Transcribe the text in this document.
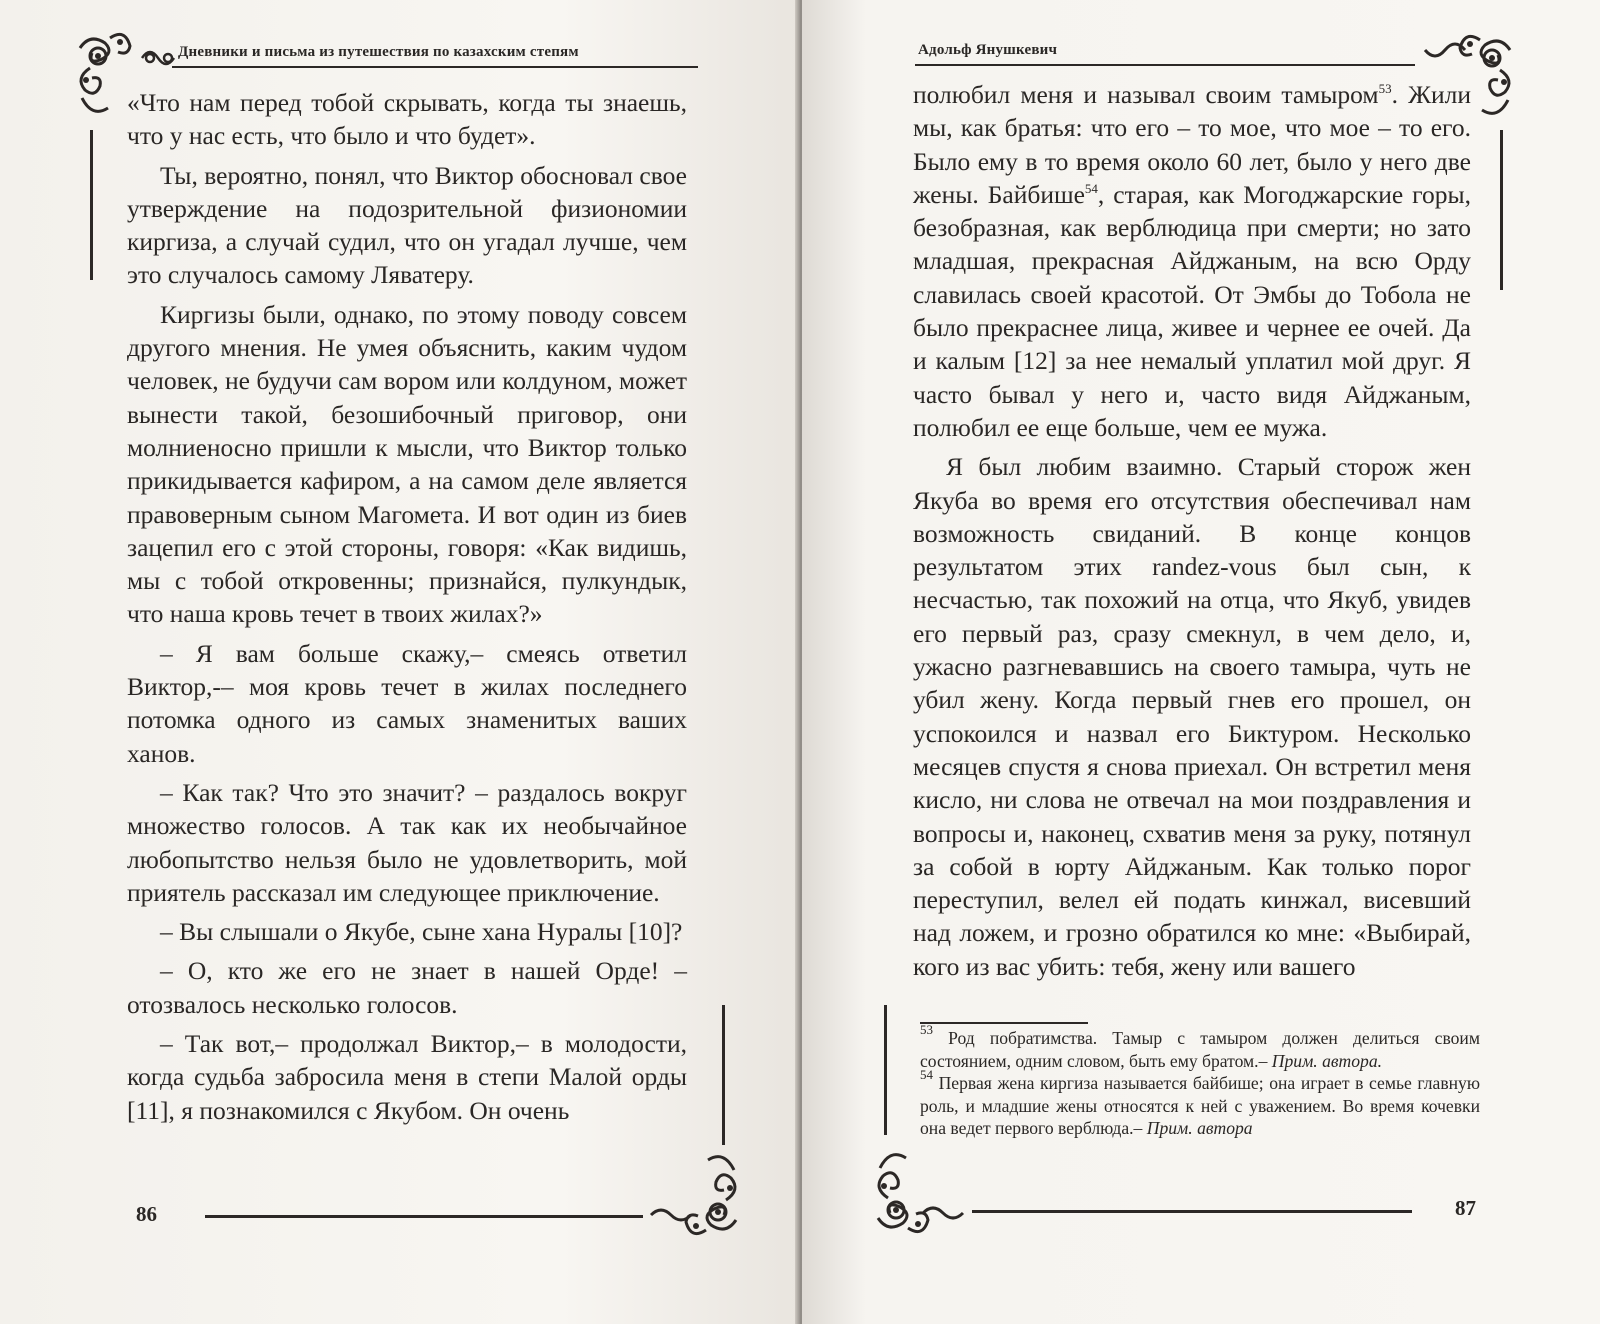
Дневники и письма из путешествия по казахским степям

«Что нам перед тобой скрывать, когда ты знаешь, что у нас есть, что было и что будет».

Ты, вероятно, понял, что Виктор обосновал свое утверждение на подозрительной физиономии киргиза, а случай судил, что он угадал лучше, чем это случалось самому Ляватеру.

Киргизы были, однако, по этому поводу совсем другого мнения. Не умея объяснить, каким чудом человек, не будучи сам вором или колдуном, может вынести такой, безошибочный приговор, они молниеносно пришли к мысли, что Виктор только прикидывается кафиром, а на самом деле является правоверным сыном Магомета. И вот один из биев зацепил его с этой стороны, говоря: «Как видишь, мы с тобой откровенны; признайся, пулкундык, что наша кровь течет в твоих жилах?»

– Я вам больше скажу,– смеясь ответил Виктор,-– моя кровь течет в жилах последнего потомка одного из самых знаменитых ваших ханов.

– Как так? Что это значит? – раздалось вокруг множество голосов. А так как их необычайное любопытство нельзя было не удовлетворить, мой приятель рассказал им следующее приключение.

– Вы слышали о Якубе, сыне хана Нуралы [10]?

– О, кто же его не знает в нашей Орде! – отозвалось несколько голосов.

– Так вот,– продолжал Виктор,– в молодости, когда судьба забросила меня в степи Малой орды [11], я познакомился с Якубом. Он очень

86
Адольф Янушкевич

полюбил меня и называл своим тамыром$^{53}$. Жили мы, как братья: что его – то мое, что мое – то его. Было ему в то время около 60 лет, было у него две жены. Байбише$^{54}$, старая, как Могоджарские горы, безобразная, как верблюдица при смерти; но зато младшая, прекрасная Айджаным, на всю Орду славилась своей красотой. От Эмбы до Тобола не было прекраснее лица, живее и чернее ее очей. Да и калым [12] за нее немалый уплатил мой друг. Я часто бывал у него и, часто видя Айджаным, полюбил ее еще больше, чем ее мужа.

Я был любим взаимно. Старый сторож жен Якуба во время его отсутствия обеспечивал нам возможность свиданий. В конце концов результатом этих randez-vous был сын, к несчастью, так похожий на отца, что Якуб, увидев его первый раз, сразу смекнул, в чем дело, и, ужасно разгневавшись на своего тамыра, чуть не убил жену. Когда первый гнев его прошел, он успокоился и назвал его Биктуром. Несколько месяцев спустя я снова приехал. Он встретил меня кисло, ни слова не отвечал на мои поздравления и вопросы и, наконец, схватив меня за руку, потянул за собой в юрту Айджаным. Как только порог переступил, велел ей подать кинжал, висевший над ложем, и грозно обратился ко мне: «Выбирай, кого из вас убить: тебя, жену или вашего

$^{53}$ Род побратимства. Тамыр с тамыром должен делиться своим состоянием, одним словом, быть ему братом.– Прим. автора.

$^{54}$ Первая жена киргиза называется байбише; она играет в семье главную роль, и младшие жены относятся к ней с уважением. Во время кочевки она ведет первого верблюда.– Прим. автора

87
